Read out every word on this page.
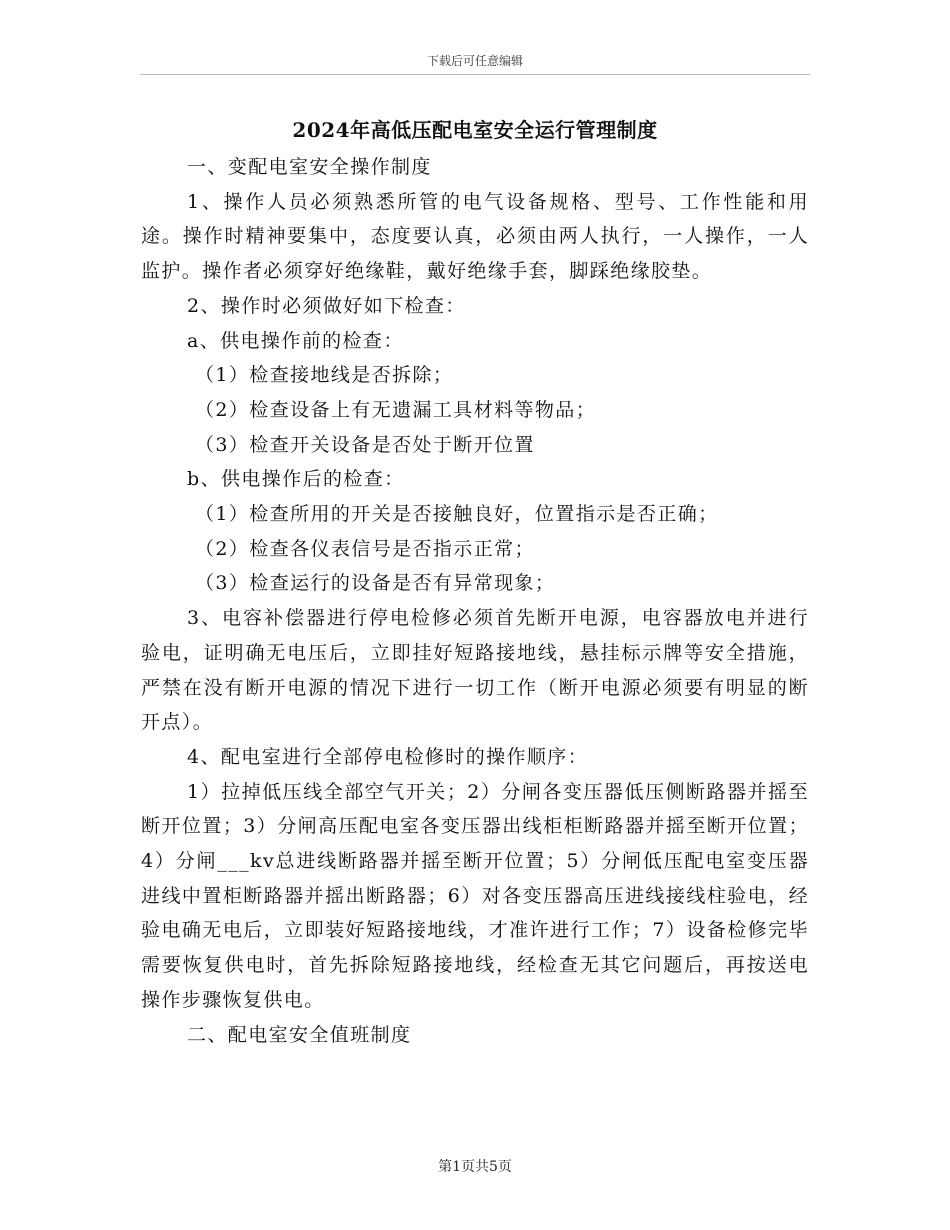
下载后可任意编辑
2024年高低压配电室安全运行管理制度

一、变配电室安全操作制度

1、操作人员必须熟悉所管的电气设备规格、型号、工作性能和用途。操作时精神要集中，态度要认真，必须由两人执行，一人操作，一人监护。操作者必须穿好绝缘鞋，戴好绝缘手套，脚踩绝缘胶垫。

2、操作时必须做好如下检查：

a、供电操作前的检查：

（1）检查接地线是否拆除；

（2）检查设备上有无遗漏工具材料等物品；

（3）检查开关设备是否处于断开位置

b、供电操作后的检查：

（1）检查所用的开关是否接触良好，位置指示是否正确；

（2）检查各仪表信号是否指示正常；

（3）检查运行的设备是否有异常现象；

3、电容补偿器进行停电检修必须首先断开电源，电容器放电并进行验电，证明确无电压后，立即挂好短路接地线，悬挂标示牌等安全措施，严禁在没有断开电源的情况下进行一切工作（断开电源必须要有明显的断开点）。

4、配电室进行全部停电检修时的操作顺序：

1）拉掉低压线全部空气开关；2）分闸各变压器低压侧断路器并摇至断开位置；3）分闸高压配电室各变压器出线柜柜断路器并摇至断开位置；4）分闸___kv总进线断路器并摇至断开位置；5）分闸低压配电室变压器进线中置柜断路器并摇出断路器；6）对各变压器高压进线接线柱验电，经验电确无电后，立即装好短路接地线，才准许进行工作；7）设备检修完毕需要恢复供电时，首先拆除短路接地线，经检查无其它问题后，再按送电操作步骤恢复供电。

二、配电室安全值班制度

第1页共5页
